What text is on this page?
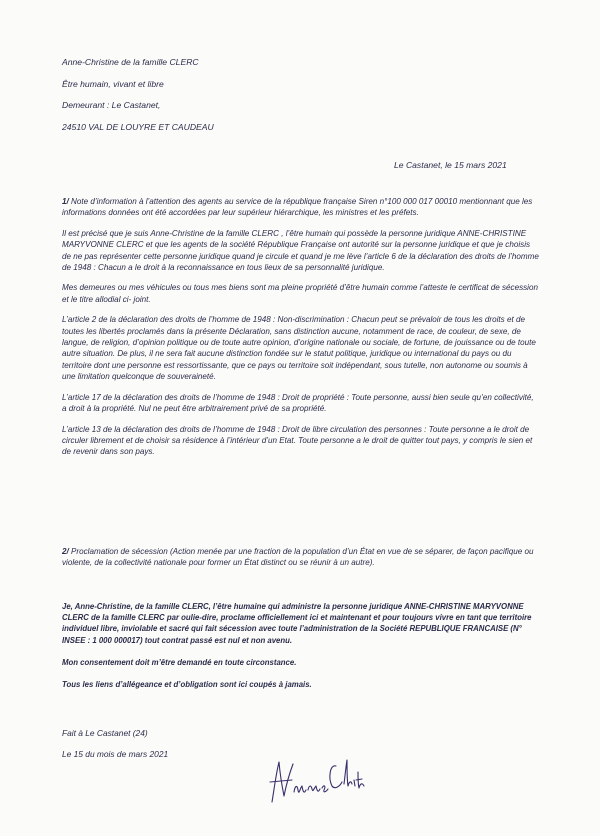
Anne-Christine de la famille CLERC
Être humain, vivant et libre
Demeurant : Le Castanet,
24510 VAL DE LOUYRE ET CAUDEAU
Le Castanet, le 15 mars 2021

1/ Note d’information à l’attention des agents au service de la république française Siren n°100 000 017 00010 mentionnant que les informations données ont été accordées par leur supérieur hiérarchique, les ministres et les préfets.

Il est précisé que je suis Anne-Christine de la famille CLERC , l’être humain qui possède la personne juridique ANNE-CHRISTINE MARYVONNE CLERC et que les agents de la société République Française ont autorité sur la personne juridique et que je choisis de ne pas représenter cette personne juridique quand je circule et quand je me lève l’article 6 de la déclaration des droits de l’homme de 1948 : Chacun a le droit à la reconnaissance en tous lieux de sa personnalité juridique.

Mes demeures ou mes véhicules ou tous mes biens sont ma pleine propriété d’être humain comme l’atteste le certificat de sécession et le titre allodial ci- joint.

L’article 2 de la déclaration des droits de l’homme de 1948 : Non-discrimination : Chacun peut se prévaloir de tous les droits et de toutes les libertés proclamés dans la présente Déclaration, sans distinction aucune, notamment de race, de couleur, de sexe, de langue, de religion, d’opinion politique ou de toute autre opinion, d’origine nationale ou sociale, de fortune, de jouissance ou de toute autre situation. De plus, il ne sera fait aucune distinction fondée sur le statut politique, juridique ou international du pays ou du territoire dont une personne est ressortissante, que ce pays ou territoire soit indépendant, sous tutelle, non autonome ou soumis à une limitation quelconque de souveraineté.

L’article 17 de la déclaration des droits de l’homme de 1948 : Droit de propriété : Toute personne, aussi bien seule qu’en collectivité, a droit à la propriété. Nul ne peut être arbitrairement privé de sa propriété.

L’article 13 de la déclaration des droits de l’homme de 1948 : Droit de libre circulation des personnes : Toute personne a le droit de circuler librement et de choisir sa résidence à l’intérieur d’un Etat. Toute personne a le droit de quitter tout pays, y compris le sien et de revenir dans son pays.

2/ Proclamation de sécession (Action menée par une fraction de la population d’un État en vue de se séparer, de façon pacifique ou violente, de la collectivité nationale pour former un État distinct ou se réunir à un autre).

Je, Anne-Christine, de la famille CLERC, l’être humaine qui administre la personne juridique ANNE-CHRISTINE MARYVONNE CLERC de la famille CLERC par oulie-dire, proclame officiellement ici et maintenant et pour toujours vivre en tant que territoire individuel libre, inviolable et sacré qui fait sécession avec toute l’administration de la Société REPUBLIQUE FRANCAISE (N° INSEE : 1 000 000017) tout contrat passé est nul et non avenu.

Mon consentement doit m’être demandé en toute circonstance.

Tous les liens d’allégeance et d’obligation sont ici coupés à jamais.

Fait à Le Castanet (24)
Le 15 du mois de mars 2021
